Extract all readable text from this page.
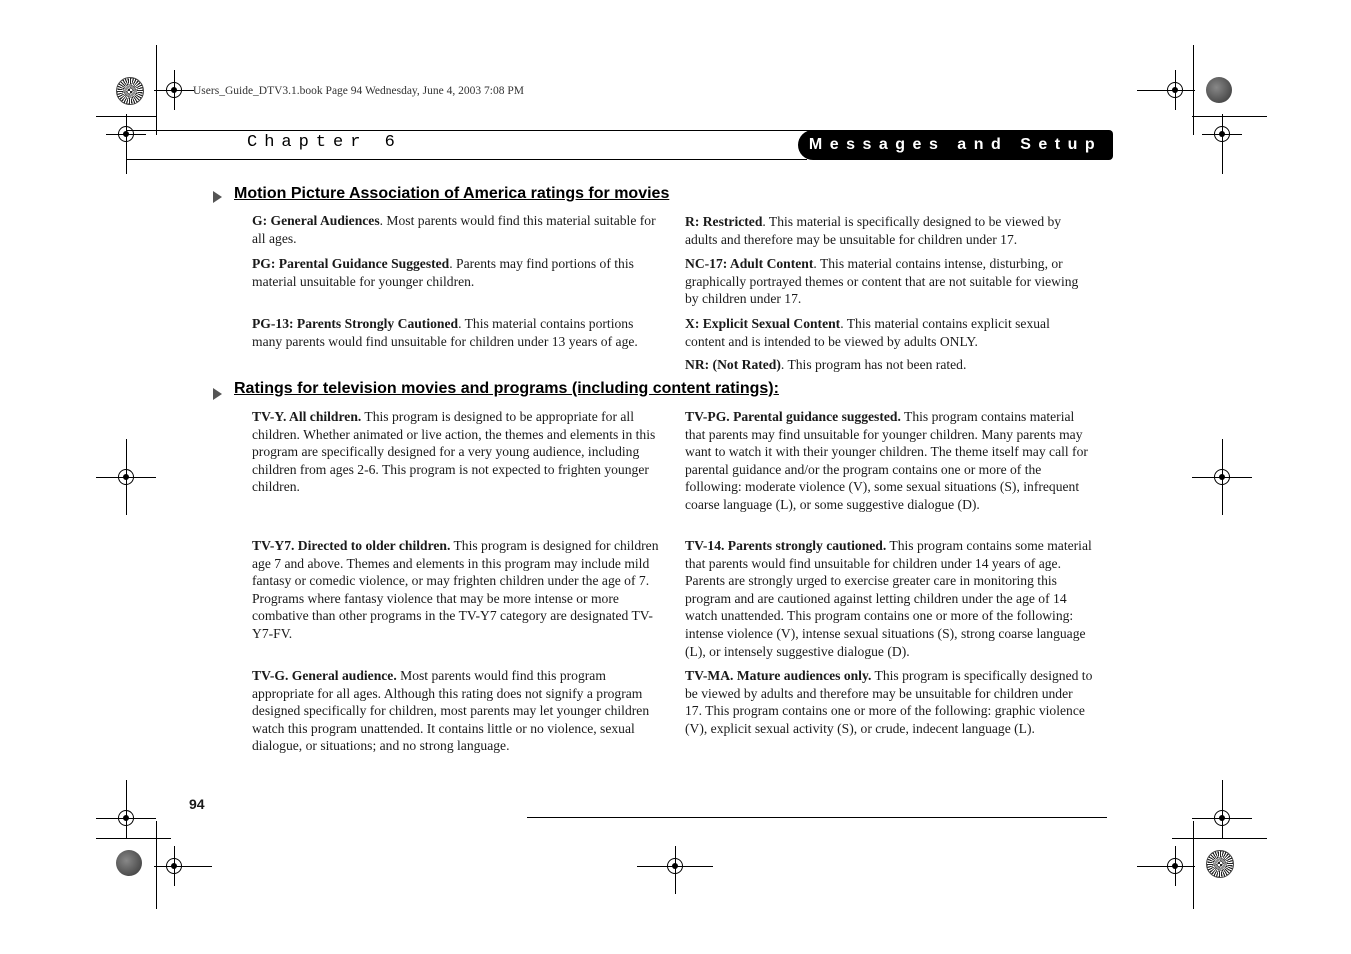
Users_Guide_DTV3.1.book Page 94 Wednesday, June 4, 2003 7:08 PM
Chapter 6	Messages and Setup
Motion Picture Association of America ratings for movies
G: General Audiences. Most parents would find this material suitable for all ages.
PG: Parental Guidance Suggested. Parents may find portions of this material unsuitable for younger children.
PG-13: Parents Strongly Cautioned. This material contains portions many parents would find unsuitable for children under 13 years of age.
R: Restricted. This material is specifically designed to be viewed by adults and therefore may be unsuitable for children under 17.
NC-17: Adult Content. This material contains intense, disturbing, or graphically portrayed themes or content that are not suitable for viewing by children under 17.
X: Explicit Sexual Content. This material contains explicit sexual content and is intended to be viewed by adults ONLY.
NR: (Not Rated). This program has not been rated.
Ratings for television movies and programs (including content ratings):
TV-Y. All children. This program is designed to be appropriate for all children. Whether animated or live action, the themes and elements in this program are specifically designed for a very young audience, including children from ages 2-6. This program is not expected to frighten younger children.
TV-Y7. Directed to older children. This program is designed for children age 7 and above. Themes and elements in this program may include mild fantasy or comedic violence, or may frighten children under the age of 7. Programs where fantasy violence that may be more intense or more combative than other programs in the TV-Y7 category are designated TV-Y7-FV.
TV-G. General audience. Most parents would find this program appropriate for all ages. Although this rating does not signify a program designed specifically for children, most parents may let younger children watch this program unattended. It contains little or no violence, sexual dialogue, or situations; and no strong language.
TV-PG. Parental guidance suggested. This program contains material that parents may find unsuitable for younger children. Many parents may want to watch it with their younger children. The theme itself may call for parental guidance and/or the program contains one or more of the following: moderate violence (V), some sexual situations (S), infrequent coarse language (L), or some suggestive dialogue (D).
TV-14. Parents strongly cautioned. This program contains some material that parents would find unsuitable for children under 14 years of age. Parents are strongly urged to exercise greater care in monitoring this program and are cautioned against letting children under the age of 14 watch unattended. This program contains one or more of the following: intense violence (V), intense sexual situations (S), strong coarse language (L), or intensely suggestive dialogue (D).
TV-MA. Mature audiences only. This program is specifically designed to be viewed by adults and therefore may be unsuitable for children under 17. This program contains one or more of the following: graphic violence (V), explicit sexual activity (S), or crude, indecent language (L).
94
